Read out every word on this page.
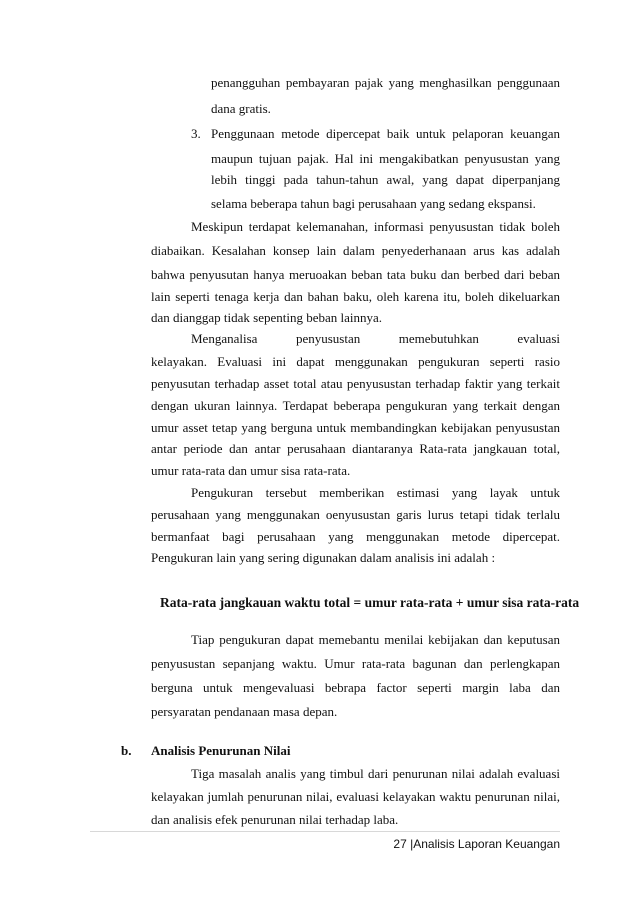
penangguhan pembayaran pajak yang menghasilkan penggunaan
dana gratis.
3. Penggunaan metode dipercepat baik untuk pelaporan keuangan
maupun tujuan pajak. Hal ini mengakibatkan penyusustan yang
lebih tinggi pada tahun-tahun awal, yang dapat diperpanjang
selama beberapa tahun bagi perusahaan yang sedang ekspansi.
Meskipun terdapat kelemanahan, informasi penyusustan tidak boleh
diabaikan. Kesalahan konsep lain dalam penyederhanaan arus kas adalah
bahwa penyusutan hanya meruoakan beban tata buku dan berbed dari beban
lain seperti tenaga kerja dan bahan baku, oleh karena itu, boleh dikeluarkan
dan dianggap tidak sepenting beban lainnya.
Menganalisa penyusustan memebutuhkan evaluasi
kelayakan. Evaluasi ini dapat menggunakan pengukuran seperti rasio
penyusutan terhadap asset total atau penyusustan terhadap faktir yang terkait
dengan ukuran lainnya. Terdapat beberapa pengukuran yang terkait dengan
umur asset tetap yang berguna untuk membandingkan kebijakan penyusustan
antar periode dan antar perusahaan diantaranya Rata-rata jangkauan total,
umur rata-rata dan umur sisa rata-rata.
Pengukuran tersebut memberikan estimasi yang layak untuk
perusahaan yang menggunakan oenyusustan garis lurus tetapi tidak terlalu
bermanfaat bagi perusahaan yang menggunakan metode dipercepat.
Pengukuran lain yang sering digunakan dalam analisis ini adalah :
Rata-rata jangkauan waktu total = umur rata-rata + umur sisa rata-rata
Tiap pengukuran dapat memebantu menilai kebijakan dan keputusan
penyusustan sepanjang waktu. Umur rata-rata bagunan dan perlengkapan
berguna untuk mengevaluasi bebrapa factor seperti margin laba dan
persyaratan pendanaan masa depan.
b. Analisis Penurunan Nilai
Tiga masalah analis yang timbul dari penurunan nilai adalah evaluasi
kelayakan jumlah penurunan nilai, evaluasi kelayakan waktu penurunan nilai,
dan analisis efek penurunan nilai terhadap laba.
27 |Analisis Laporan Keuangan
